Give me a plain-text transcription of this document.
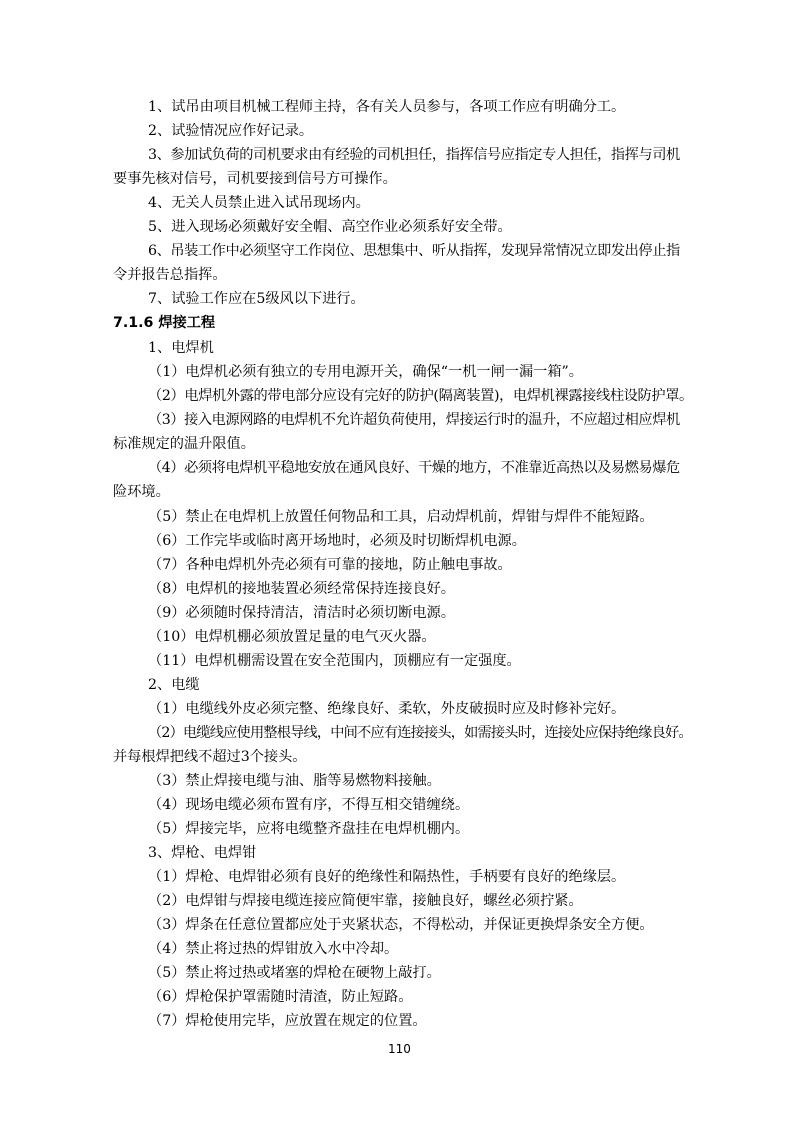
1、试吊由项目机械工程师主持，各有关人员参与，各项工作应有明确分工。
2、试验情况应作好记录。
3、参加试负荷的司机要求由有经验的司机担任，指挥信号应指定专人担任，指挥与司机
要事先核对信号，司机要接到信号方可操作。
4、无关人员禁止进入试吊现场内。
5、进入现场必须戴好安全帽、高空作业必须系好安全带。
6、吊装工作中必须坚守工作岗位、思想集中、听从指挥，发现异常情况立即发出停止指
令并报告总指挥。
7、试验工作应在5级风以下进行。
7.1.6 焊接工程
1、电焊机
（1）电焊机必须有独立的专用电源开关，确保“一机一闸一漏一箱”。
（2）电焊机外露的带电部分应设有完好的防护(隔离装置)，电焊机裸露接线柱设防护罩。
（3）接入电源网路的电焊机不允许超负荷使用，焊接运行时的温升，不应超过相应焊机
标准规定的温升限值。
（4）必须将电焊机平稳地安放在通风良好、干燥的地方，不准靠近高热以及易燃易爆危
险环境。
（5）禁止在电焊机上放置任何物品和工具，启动焊机前，焊钳与焊件不能短路。
（6）工作完毕或临时离开场地时，必须及时切断焊机电源。
（7）各种电焊机外壳必须有可靠的接地，防止触电事故。
（8）电焊机的接地装置必须经常保持连接良好。
（9）必须随时保持清洁，清洁时必须切断电源。
（10）电焊机棚必须放置足量的电气灭火器。
（11）电焊机棚需设置在安全范围内，顶棚应有一定强度。
2、电缆
（1）电缆线外皮必须完整、绝缘良好、柔软，外皮破损时应及时修补完好。
（2）电缆线应使用整根导线，中间不应有连接接头，如需接头时，连接处应保持绝缘良好。
并每根焊把线不超过3个接头。
（3）禁止焊接电缆与油、脂等易燃物料接触。
（4）现场电缆必须布置有序，不得互相交错缠绕。
（5）焊接完毕，应将电缆整齐盘挂在电焊机棚内。
3、焊枪、电焊钳
（1）焊枪、电焊钳必须有良好的绝缘性和隔热性，手柄要有良好的绝缘层。
（2）电焊钳与焊接电缆连接应简便牢靠，接触良好，螺丝必须拧紧。
（3）焊条在任意位置都应处于夹紧状态，不得松动，并保证更换焊条安全方便。
（4）禁止将过热的焊钳放入水中冷却。
（5）禁止将过热或堵塞的焊枪在硬物上敲打。
（6）焊枪保护罩需随时清渣，防止短路。
（7）焊枪使用完毕，应放置在规定的位置。
110
